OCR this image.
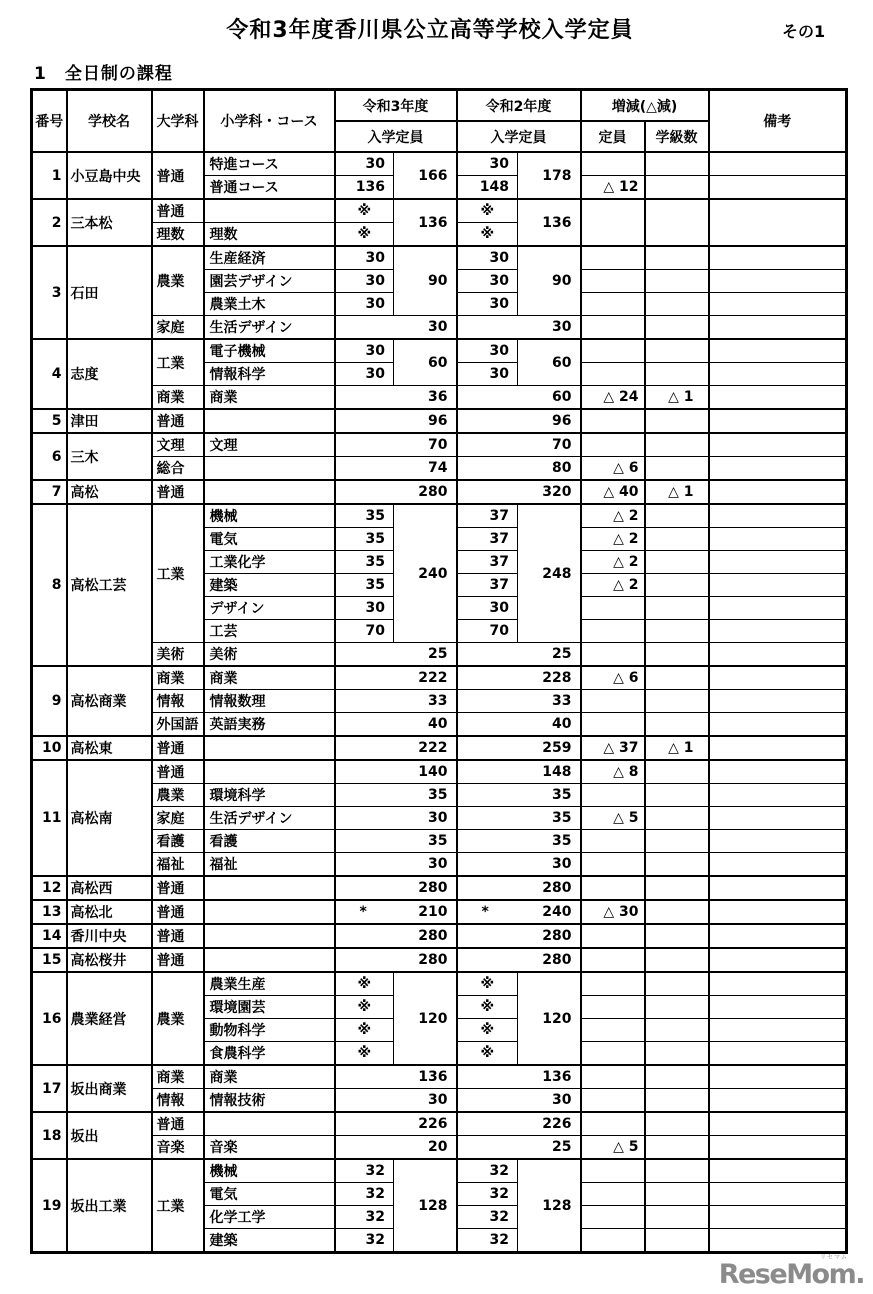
令和3年度香川県公立高等学校入学定員	その1
1　全日制の課程
番号	学校名	大学科	小学科・コース	令和3年度		令和2年度		増減(△減)		備考
				入学定員		入学定員		定員	学級数	
1	小豆島中央	普通	特進コース	30	166	30	178			
			普通コース	136		148		△ 12		
2	三本松	普通		※	136	※	136			
		理数	理数	※		※				
3	石田	農業	生産経済	30	90	30	90			
			園芸デザイン	30		30				
			農業土木	30		30				
		家庭	生活デザイン	30		30				
4	志度	工業	電子機械	30	60	30	60			
			情報科学	30		30				
		商業	商業	36		60		△ 24	△ 1	
5	津田	普通		96		96				
6	三木	文理	文理	70		70				
		総合		74		80		△ 6		
7	高松	普通		280		320		△ 40	△ 1	
8	高松工芸	工業	機械	35	240	37	248	△ 2		
			電気	35		37		△ 2		
			工業化学	35		37		△ 2		
			建築	35		37		△ 2		
			デザイン	30		30				
			工芸	70		70				
		美術	美術	25		25				
9	高松商業	商業	商業	222		228		△ 6		
		情報	情報数理	33		33				
		外国語	英語実務	40		40				
10	高松東	普通		222		259		△ 37	△ 1	
11	高松南	普通		140		148		△ 8		
		農業	環境科学	35		35				
		家庭	生活デザイン	30		35		△ 5		
		看護	看護	35		35				
		福祉	福祉	30		30				
12	高松西	普通		280		280				
13	高松北	普通		* 210		* 240		△ 30		
14	香川中央	普通		280		280				
15	高松桜井	普通		280		280				
16	農業経営	農業	農業生産	※	120	※	120			
			環境園芸	※		※				
			動物科学	※		※				
			食農科学	※		※				
17	坂出商業	商業	商業	136		136				
		情報	情報技術	30		30				
18	坂出	普通		226		226				
		音楽	音楽	20		25		△ 5		
19	坂出工業	工業	機械	32	128	32	128			
			電気	32		32				
			化学工学	32		32				
			建築	32		32				
リセマム
ReseMom.
